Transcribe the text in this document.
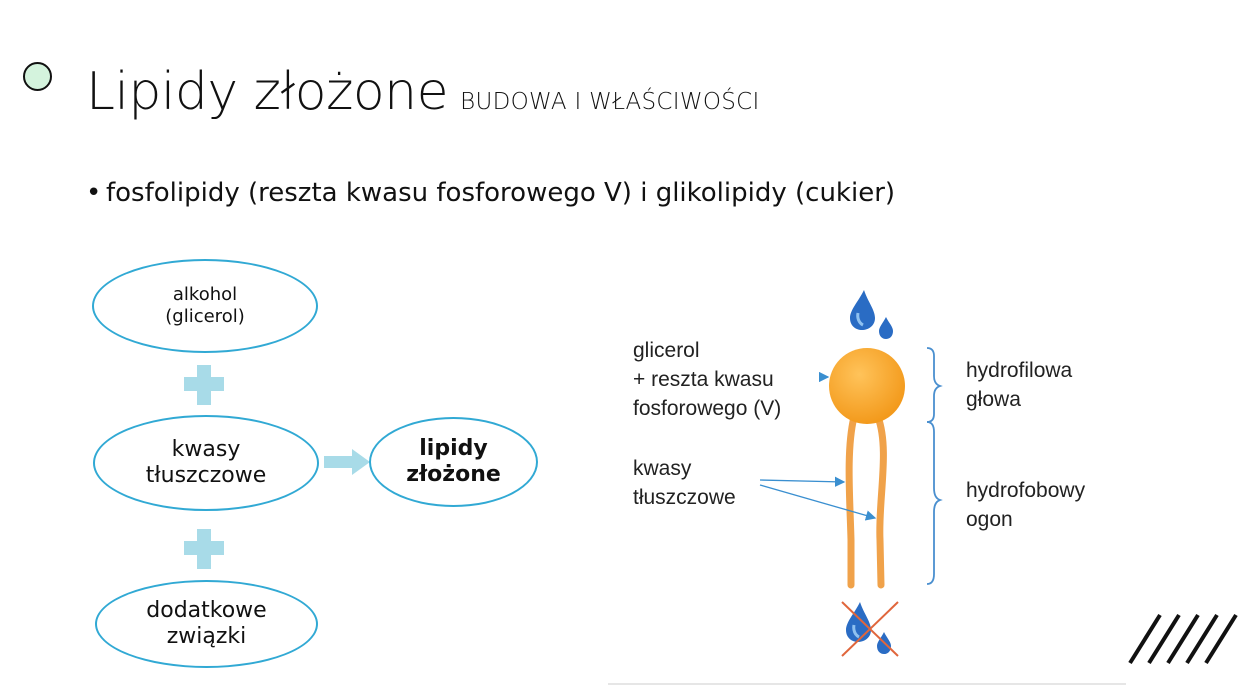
Lipidy złożone BUDOWA I WŁAŚCIWOŚCI
• fosfolipidy (reszta kwasu fosforowego V) i glikolipidy (cukier)
alkohol
(glicerol)
kwasy
tłuszczowe
dodatkowe
związki
lipidy
złożone
glicerol
+ reszta kwasu
fosforowego (V)
kwasy
tłuszczowe
hydrofilowa
głowa
hydrofobowy
ogon
